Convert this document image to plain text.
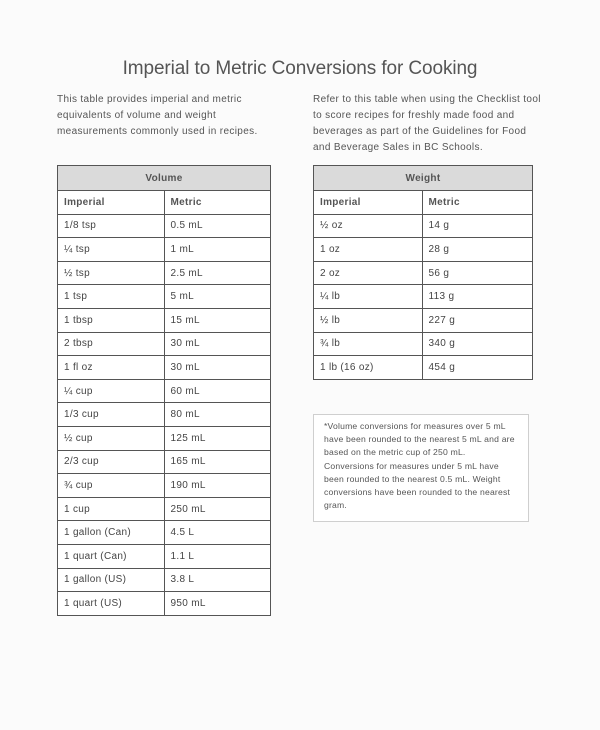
Imperial to Metric Conversions for Cooking

This table provides imperial and metric equivalents of volume and weight measurements commonly used in recipes.

Refer to this table when using the Checklist tool to score recipes for freshly made food and beverages as part of the Guidelines for Food and Beverage Sales in BC Schools.

Volume	
Imperial	Metric
1/8 tsp	0.5 mL
¼ tsp	1 mL
½ tsp	2.5 mL
1 tsp	5 mL
1 tbsp	15 mL
2 tbsp	30 mL
1 fl oz	30 mL
¼ cup	60 mL
1/3 cup	80 mL
½ cup	125 mL
2/3 cup	165 mL
¾ cup	190 mL
1 cup	250 mL
1 gallon (Can)	4.5 L
1 quart (Can)	1.1 L
1 gallon (US)	3.8 L
1 quart (US)	950 mL
Weight	
Imperial	Metric
½ oz	14 g
1 oz	28 g
2 oz	56 g
¼ lb	113 g
½ lb	227 g
¾ lb	340 g
1 lb (16 oz)	454 g
*Volume conversions for measures over 5 mL have been rounded to the nearest 5 mL and are based on the metric cup of 250 mL. Conversions for measures under 5 mL have been rounded to the nearest 0.5 mL. Weight conversions have been rounded to the nearest gram.
